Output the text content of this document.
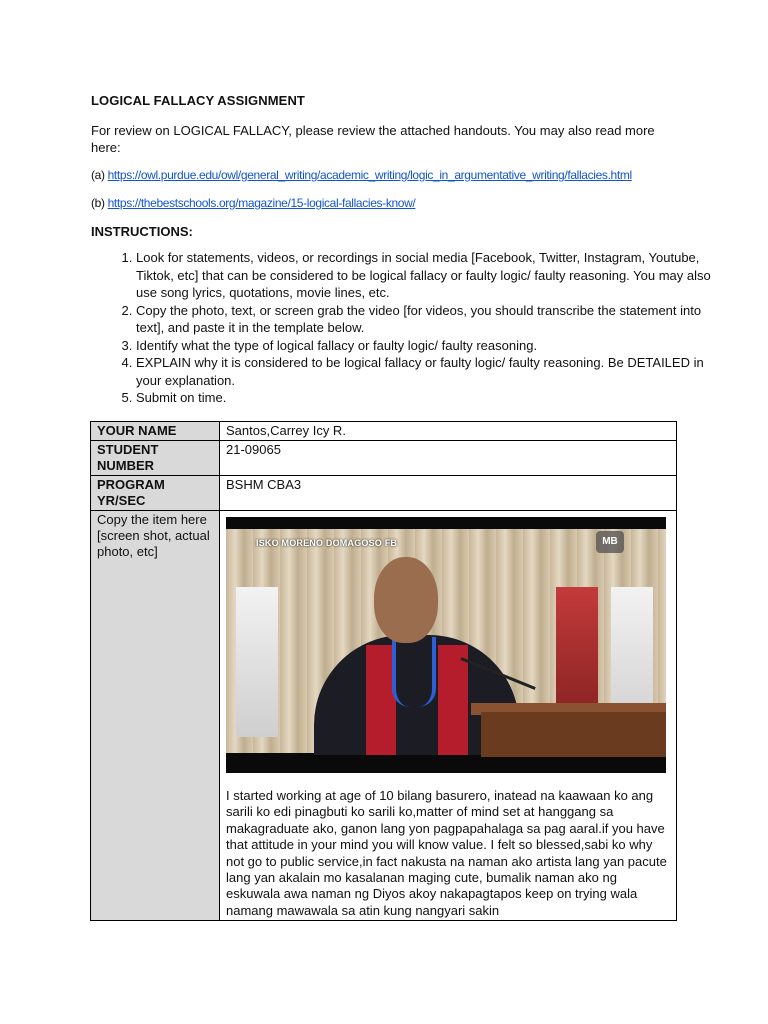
LOGICAL FALLACY ASSIGNMENT
For review on LOGICAL FALLACY, please review the attached handouts. You may also read more here:
(a) https://owl.purdue.edu/owl/general_writing/academic_writing/logic_in_argumentative_writing/fallacies.html
(b) https://thebestschools.org/magazine/15-logical-fallacies-know/
INSTRUCTIONS:
1. Look for statements, videos, or recordings in social media [Facebook, Twitter, Instagram, Youtube, Tiktok, etc] that can be considered to be logical fallacy or faulty logic/ faulty reasoning. You may also use song lyrics, quotations, movie lines, etc.
2. Copy the photo, text, or screen grab the video [for videos, you should transcribe the statement into text], and paste it in the template below.
3. Identify what the type of logical fallacy or faulty logic/ faulty reasoning.
4. EXPLAIN why it is considered to be logical fallacy or faulty logic/ faulty reasoning. Be DETAILED in your explanation.
5. Submit on time.
YOUR NAME	Santos,Carrey Icy R.
STUDENT NUMBER	21-09065
PROGRAM YR/SEC	BSHM CBA3
Copy the item here [screen shot, actual photo, etc]	ISKO MORENO DOMAGOSO FB MB
I started working at age of 10 bilang basurero, inatead na kaawaan ko ang sarili ko edi pinagbuti ko sarili ko,matter of mind set at hanggang sa makagraduate ako, ganon lang yon pagpapahalaga sa pag aaral.if you have that attitude in your mind you will know value. I felt so blessed,sabi ko why not go to public service,in fact nakusta na naman ako artista lang yan pacute lang yan akalain mo kasalanan maging cute, bumalik naman ako ng eskuwala awa naman ng Diyos akoy nakapagtapos keep on trying wala namang mawawala sa atin kung nangyari sakin
